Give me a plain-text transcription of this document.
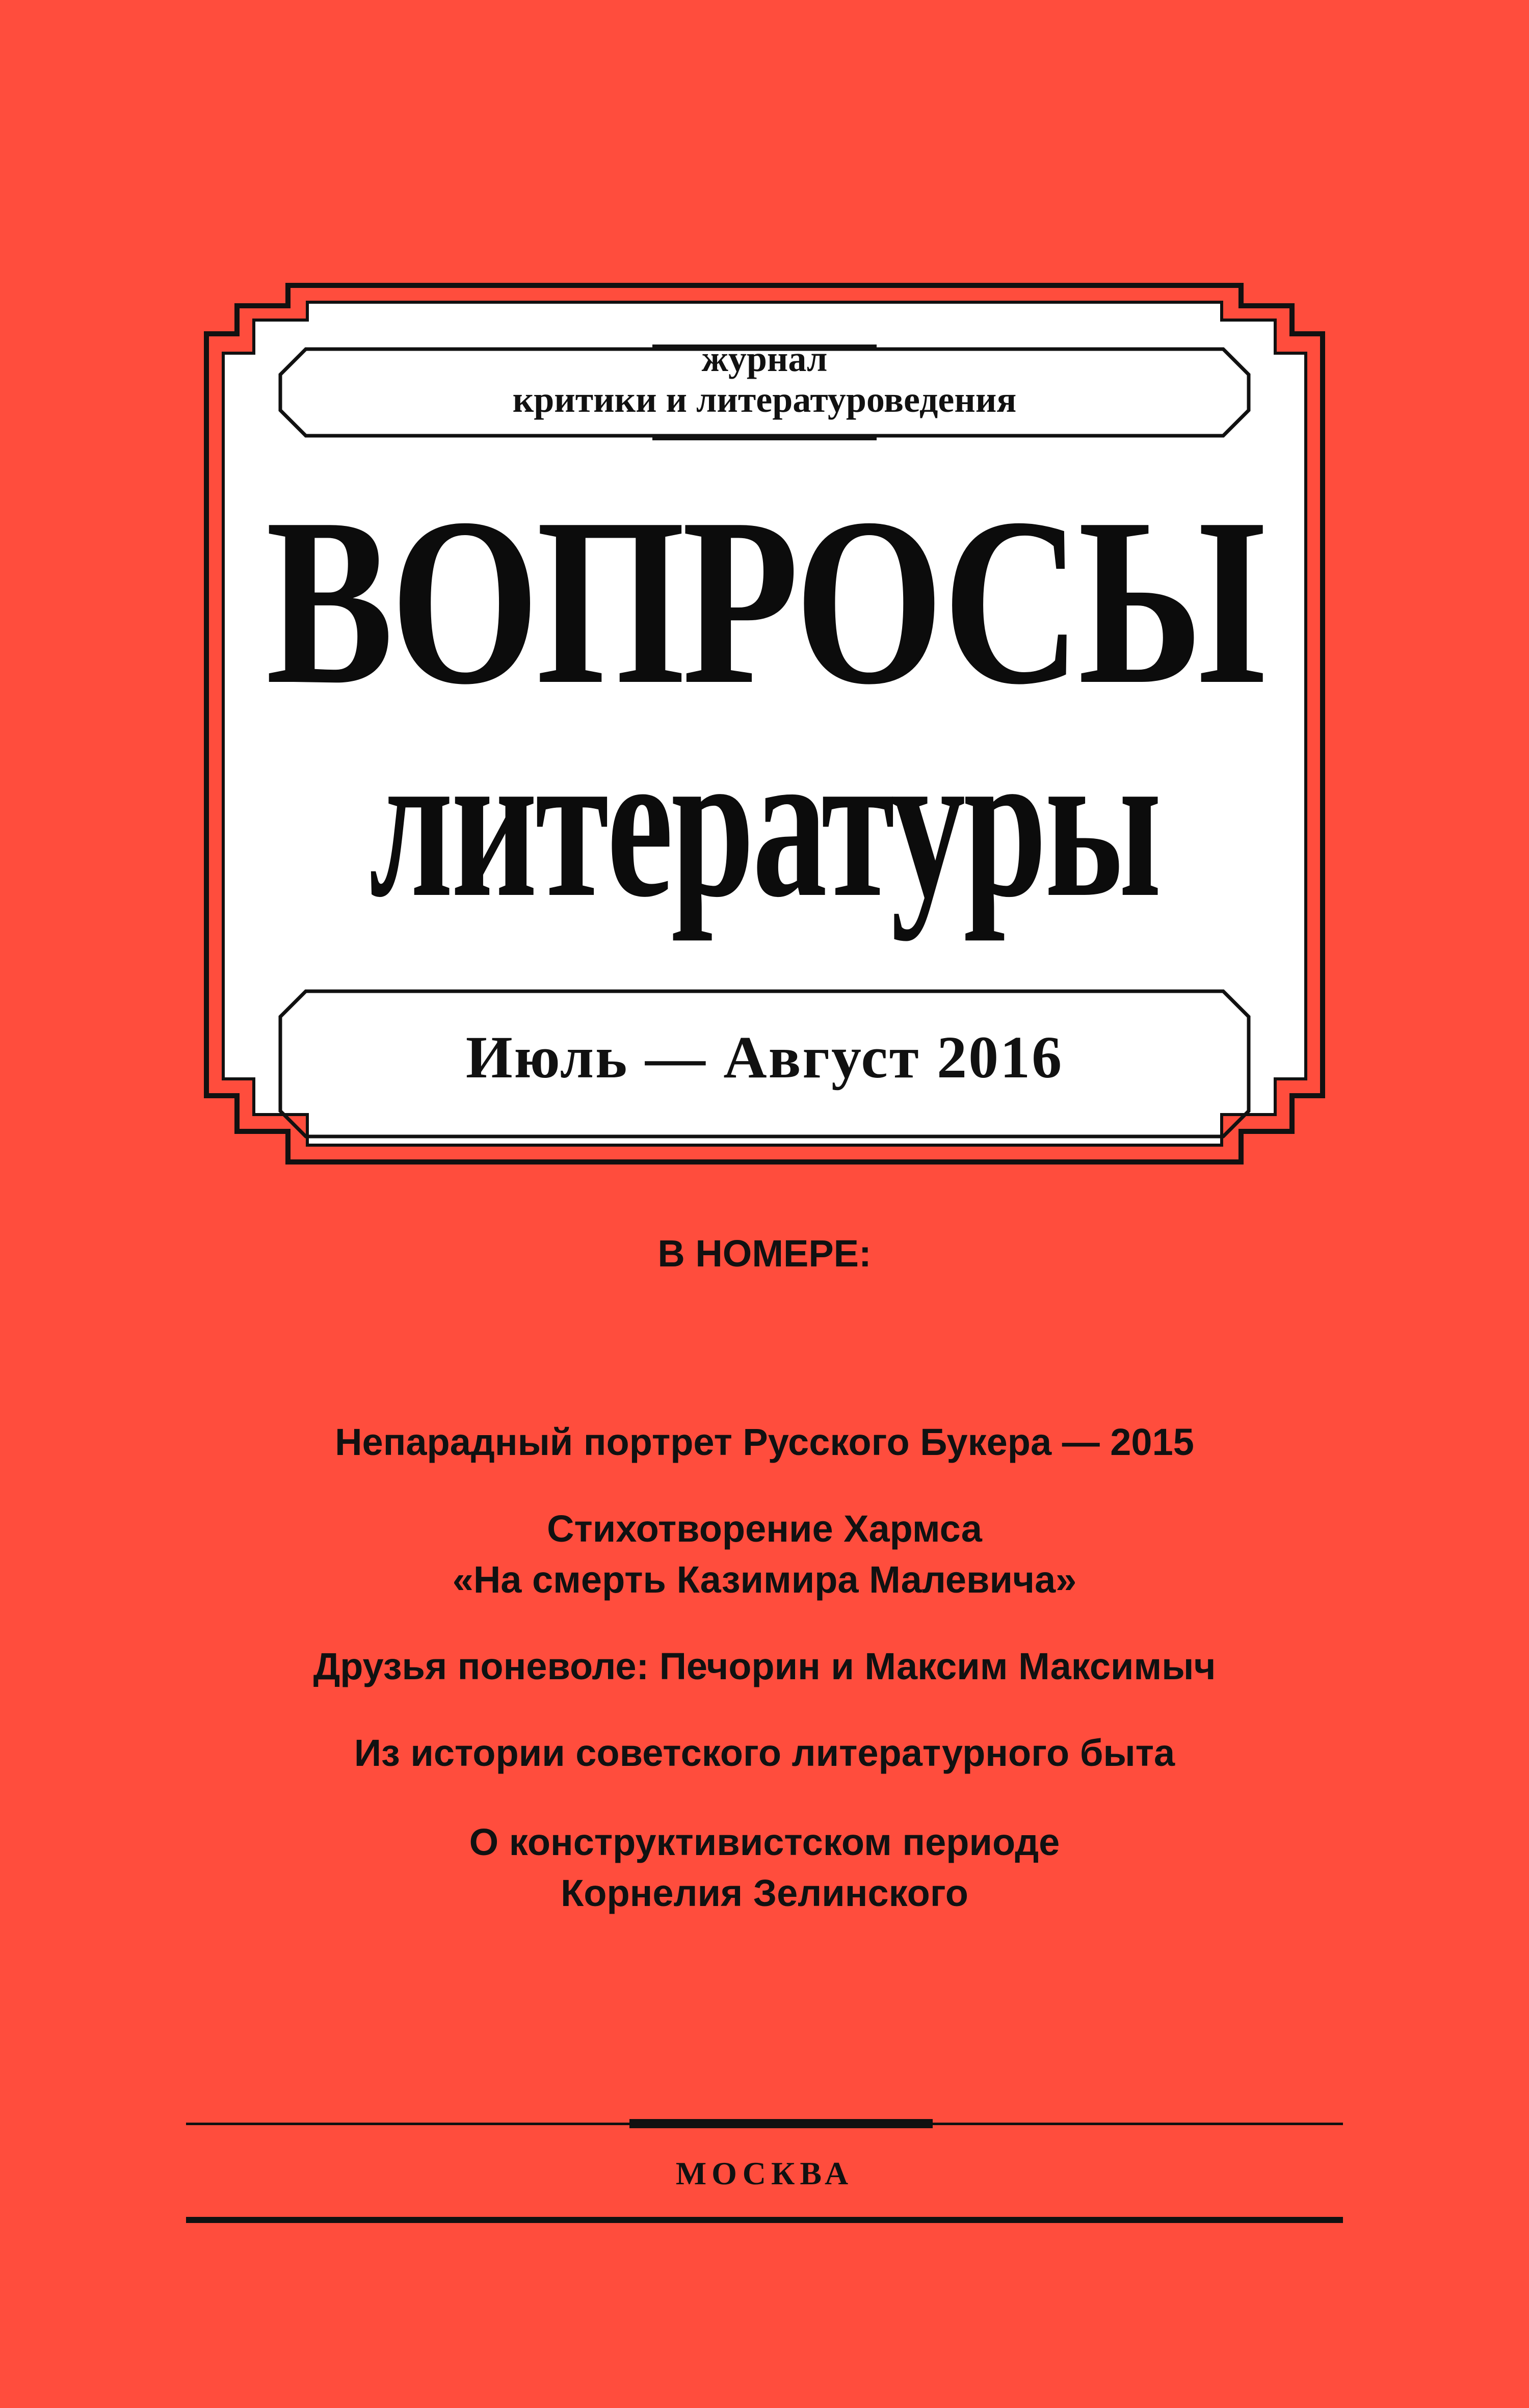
журнал
критики и литературоведения

ВОПРОСЫ
литературы

Июль — Август 2016

В НОМЕРЕ:

Непарадный портрет Русского Букера — 2015

Стихотворение Хармса
«На смерть Казимира Малевича»

Друзья поневоле: Печорин и Максим Максимыч

Из истории советского литературного быта

О конструктивистском периоде
Корнелия Зелинского

МОСКВА
